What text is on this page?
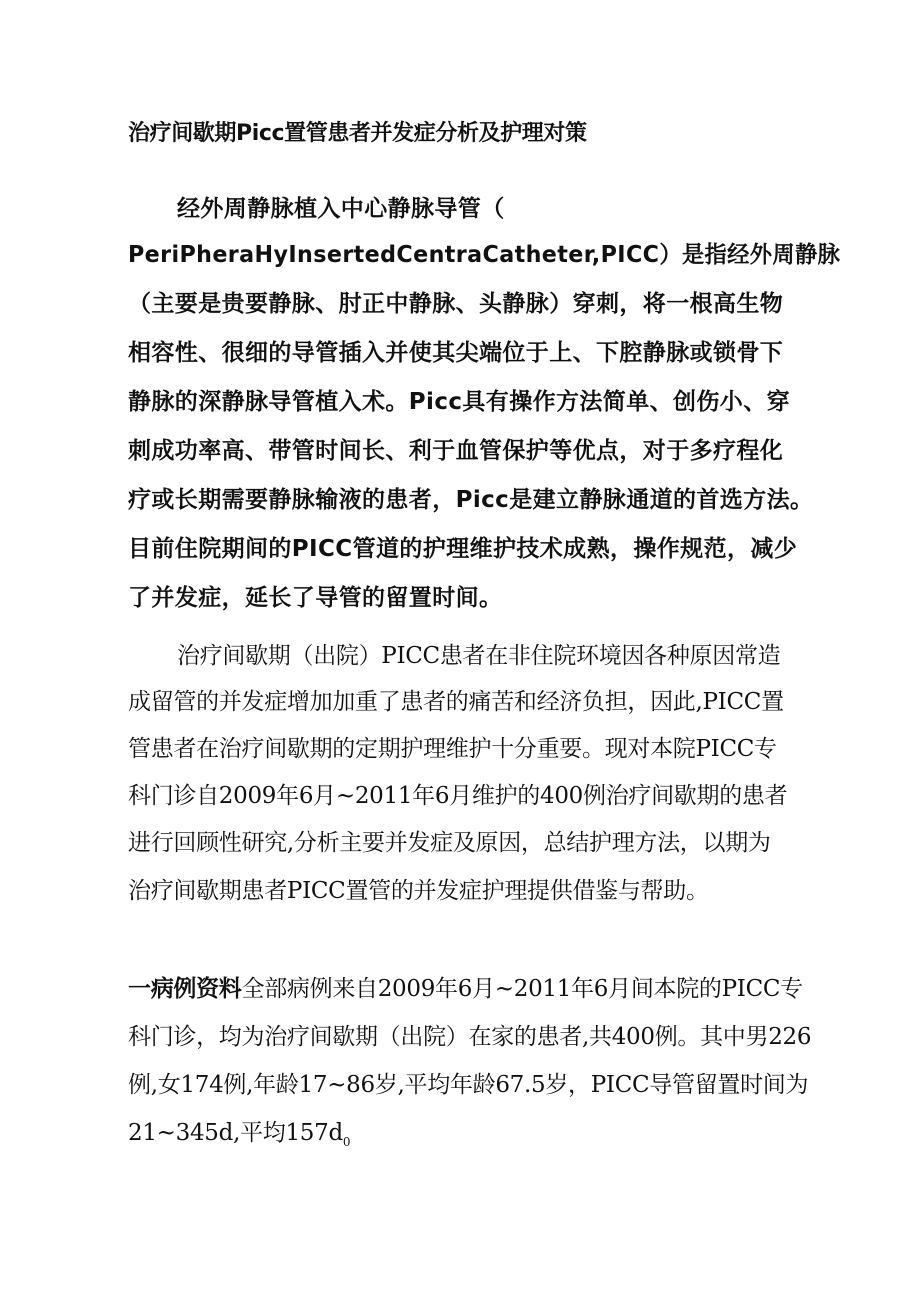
治疗间歇期Picc置管患者并发症分析及护理对策
经外周静脉植入中心静脉导管（
PeriPheraHyInsertedCentraCatheter,PICC）是指经外周静脉
（主要是贵要静脉、肘正中静脉、头静脉）穿刺，将一根高生物
相容性、很细的导管插入并使其尖端位于上、下腔静脉或锁骨下
静脉的深静脉导管植入术。Picc具有操作方法简单、创伤小、穿
刺成功率高、带管时间长、利于血管保护等优点，对于多疗程化
疗或长期需要静脉输液的患者，Picc是建立静脉通道的首选方法。
目前住院期间的PICC管道的护理维护技术成熟，操作规范，减少
了并发症，延长了导管的留置时间。
治疗间歇期（出院）PICC患者在非住院环境因各种原因常造
成留管的并发症增加加重了患者的痛苦和经济负担，因此,PICC置
管患者在治疗间歇期的定期护理维护十分重要。现对本院PICC专
科门诊自2009年6月~2011年6月维护的400例治疗间歇期的患者
进行回顾性研究,分析主要并发症及原因，总结护理方法，以期为
治疗间歇期患者PICC置管的并发症护理提供借鉴与帮助。
一病例资料全部病例来自2009年6月~2011年6月间本院的PICC专
科门诊，均为治疗间歇期（出院）在家的患者,共400例。其中男226
例,女174例,年龄17~86岁,平均年龄67.5岁，PICC导管留置时间为
21~345d,平均$157d_0$
